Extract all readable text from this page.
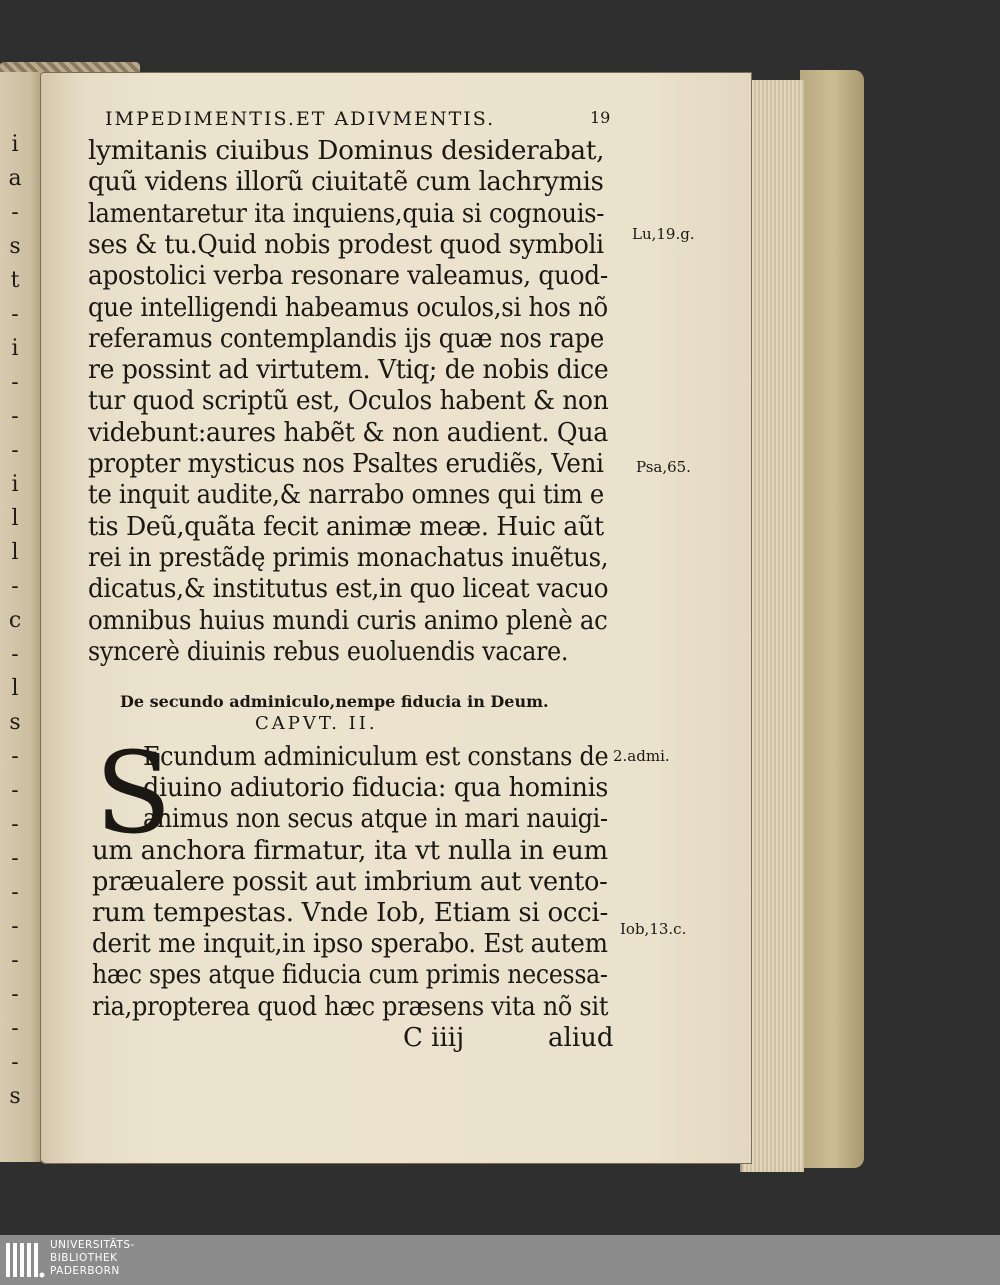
i
a
-
s
t
-
i
-
-
-
i
l
l
-
c
-
l
s
-
-
-
-
-
-
-
-
-
-
s
IMPEDIMENTIS.ET ADIVMENTIS.	19
lymitanis ciuibus Dominus desiderabat,
quũ videns illorũ ciuitatẽ cum lachrymis
lamentaretur ita inquiens,quia si cognouis-
ses & tu.Quid nobis prodest quod symboli
apostolici verba resonare valeamus, quod-
que intelligendi habeamus oculos,si hos nõ
referamus contemplandis ijs quæ nos rape
re possint ad virtutem. Vtiq; de nobis dice
tur quod scriptũ est, Oculos habent & non
videbunt:aures habẽt & non audient. Qua
propter mysticus nos Psaltes erudiẽs, Veni
te inquit audite,& narrabo omnes qui tim e
tis Deũ,quãta fecit animæ meæ. Huic aũt
rei in prestãdę primis monachatus inuẽtus,
dicatus,& institutus est,in quo liceat vacuo
omnibus huius mundi curis animo plenè ac
syncerè diuinis rebus euoluendis vacare.
Lu,19.g.
Psa,65.
2.admi.
Iob,13.c.
De secundo adminiculo,nempe fiducia in Deum.
CAPVT. II.
S
Ecundum adminiculum est constans de
diuino adiutorio fiducia: qua hominis
animus non secus atque in mari nauigi-
um anchora firmatur, ita vt nulla in eum
præualere possit aut imbrium aut vento-
rum tempestas. Vnde Iob, Etiam si occi-
derit me inquit,in ipso sperabo. Est autem
hæc spes atque fiducia cum primis necessa-
ria,propterea quod hæc præsens vita nõ sit
C iiij	aliud
UNIVERSITÄTS-
BIBLIOTHEK
PADERBORN
